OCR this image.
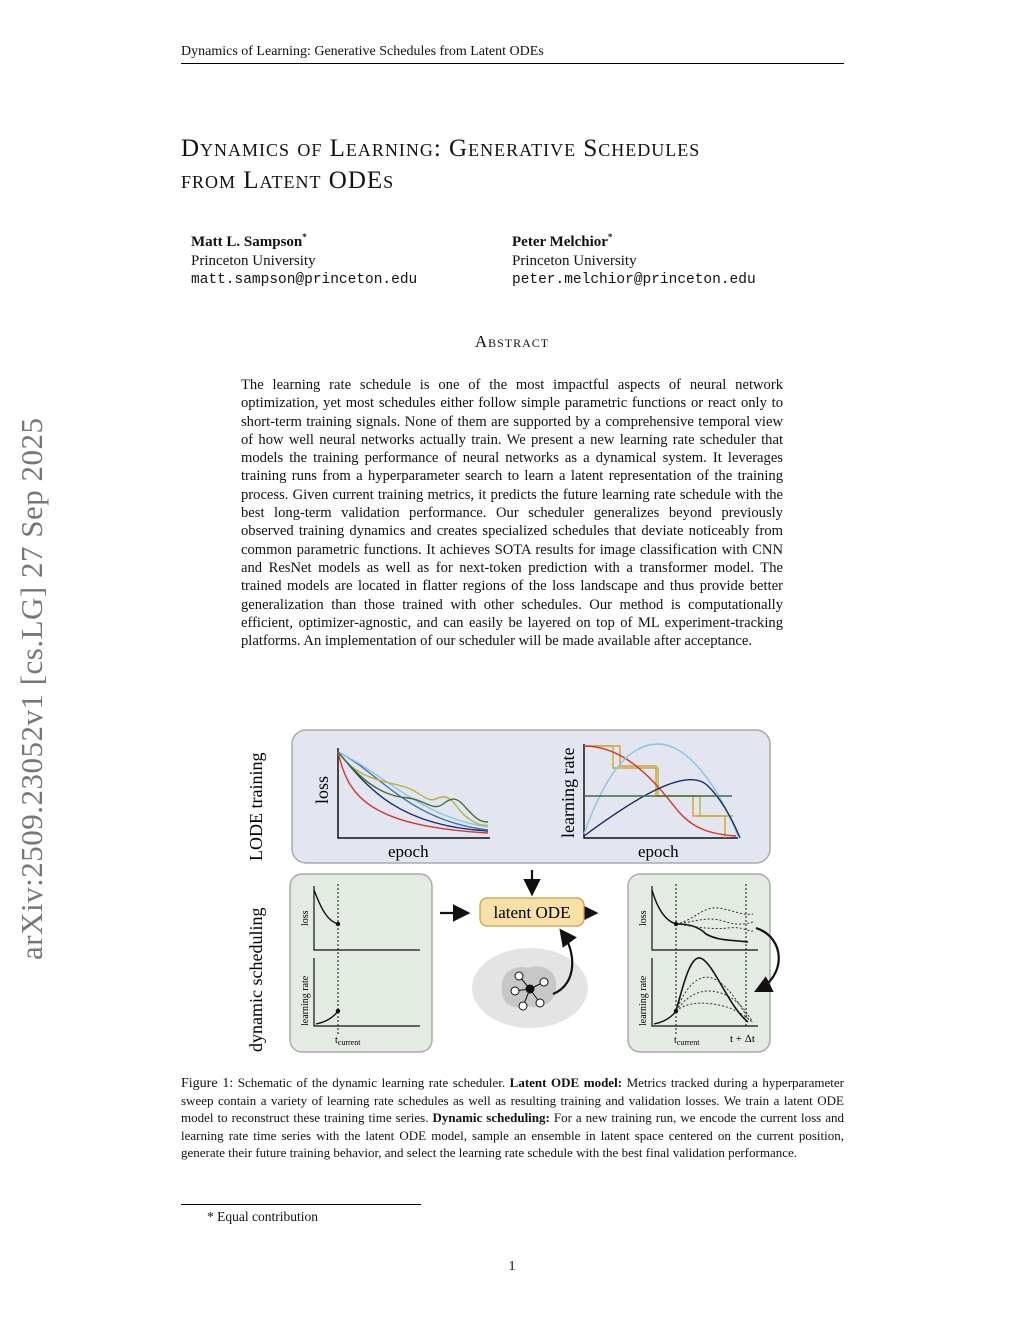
Dynamics of Learning: Generative Schedules from Latent ODEs
Dynamics of Learning: Generative Schedules
from Latent ODEs
Matt L. Sampson*
Princeton University
matt.sampson@princeton.edu
Peter Melchior*
Princeton University
peter.melchior@princeton.edu
Abstract

The learning rate schedule is one of the most impactful aspects of neural network optimization, yet most schedules either follow simple parametric functions or react only to short-term training signals. None of them are supported by a comprehensive temporal view of how well neural networks actually train. We present a new learning rate scheduler that models the training performance of neural networks as a dynamical system. It leverages training runs from a hyperparameter search to learn a latent representation of the training process. Given current training metrics, it predicts the future learning rate schedule with the best long-term validation performance. Our scheduler generalizes beyond previously observed training dynamics and creates specialized schedules that deviate noticeably from common parametric functions. It achieves SOTA results for image classification with CNN and ResNet models as well as for next-token prediction with a transformer model. The trained models are located in flatter regions of the loss landscape and thus provide better generalization than those trained with other schedules. Our method is computationally efficient, optimizer-agnostic, and can easily be layered on top of ML experiment-tracking platforms. An implementation of our scheduler will be made available after acceptance.

arXiv:2509.23052v1 [cs.LG] 27 Sep 2025	LODE training
dynamic scheduling
loss
epoch
learning rate
epoch
loss
learning rate
$t_{current}$
latent ODE	loss
learning rate
$t_{current}$	t + Δt

Figure 1: Schematic of the dynamic learning rate scheduler. Latent ODE model: Metrics tracked during a hyperparameter sweep contain a variety of learning rate schedules as well as resulting training and validation losses. We train a latent ODE model to reconstruct these training time series. Dynamic scheduling: For a new training run, we encode the current loss and learning rate time series with the latent ODE model, sample an ensemble in latent space centered on the current position, generate their future training behavior, and select the learning rate schedule with the best final validation performance.

* Equal contribution
1
